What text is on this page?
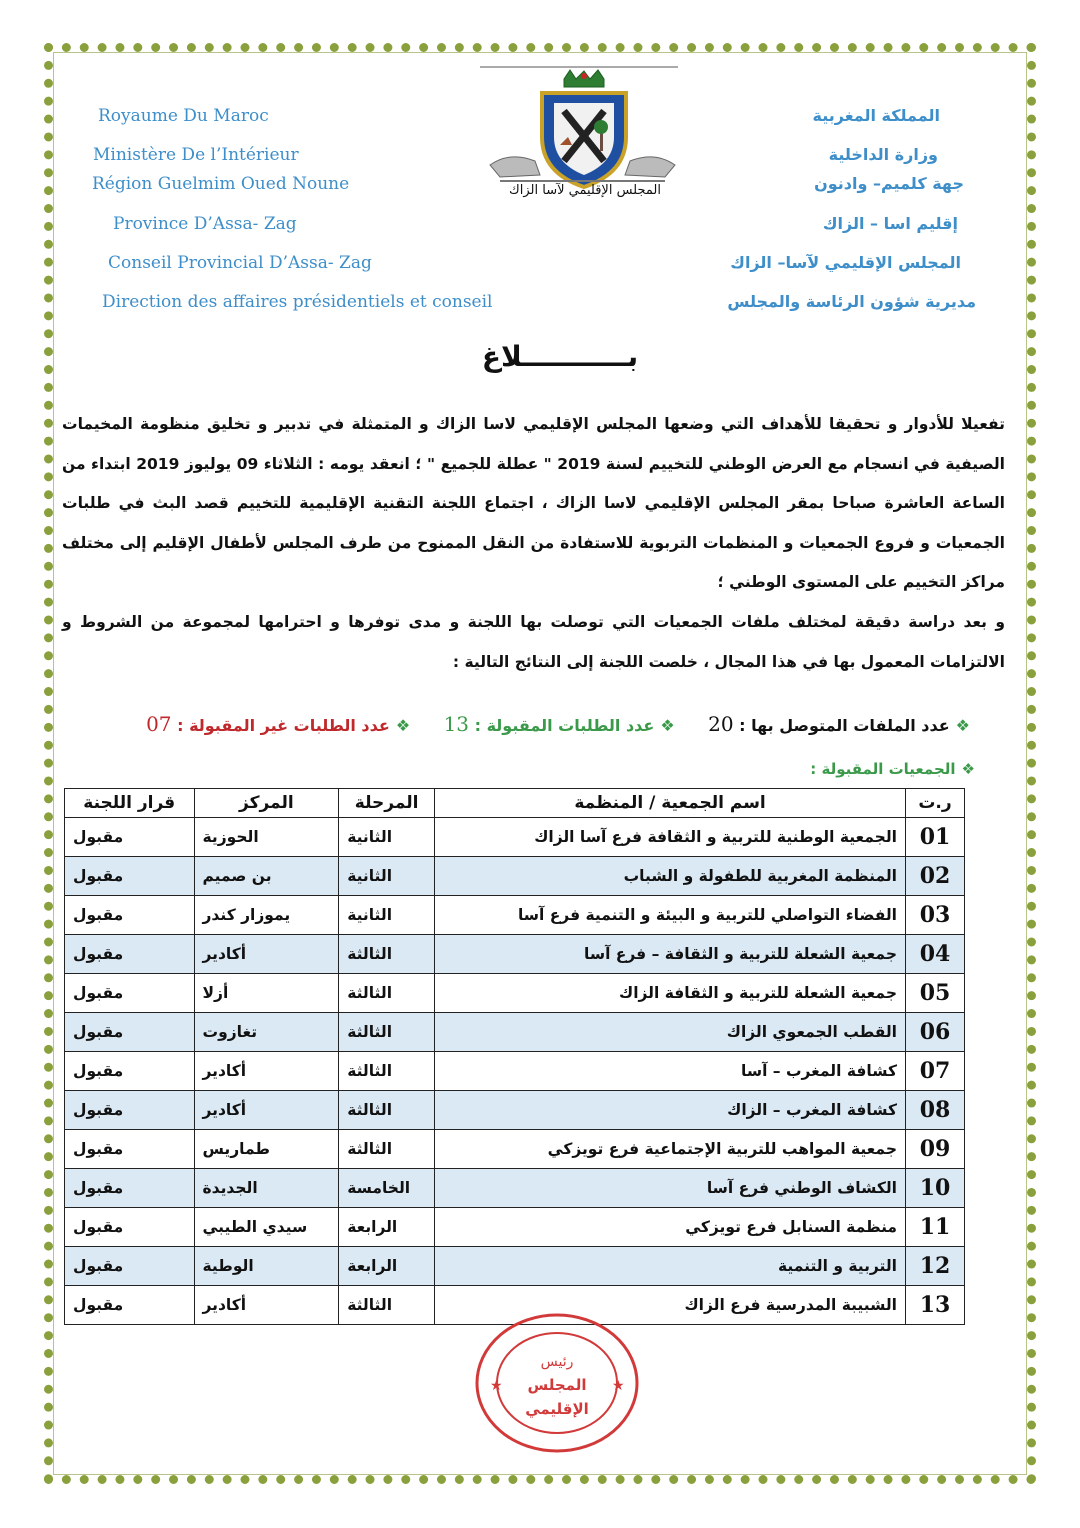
Royaume Du Maroc
Ministère De l’Intérieur
Région Guelmim Oued Noune
Province D’Assa- Zag
Conseil Provincial D’Assa- Zag
Direction des affaires présidentiels et conseil
المملكة المغربية
وزارة الداخلية
جهة كلميم– وادنون
إقليم اسا – الزاك
المجلس الإقليمي لآسا– الزاك
مديرية شؤون الرئاسة والمجلس
المجلس الإقليمي لآسا الزاك
بـــــــــــلاغ
تفعيلا للأدوار و تحقيقا للأهداف التي وضعها المجلس الإقليمي لاسا الزاك و المتمثلة في تدبير و تخليق منظومة المخيمات الصيفية في انسجام مع العرض الوطني للتخييم لسنة 2019 " عطلة للجميع " ؛ انعقد يومه : الثلاثاء 09 يوليوز 2019 ابتداء من الساعة العاشرة صباحا بمقر المجلس الإقليمي لاسا الزاك ، اجتماع اللجنة التقنية الإقليمية للتخييم قصد البث في طلبات الجمعيات و فروع الجمعيات و المنظمات التربوية للاستفادة من النقل الممنوح من طرف المجلس لأطفال الإقليم إلى مختلف مراكز التخييم على المستوى الوطني ؛
و بعد دراسة دقيقة لمختلف ملفات الجمعيات التي توصلت بها اللجنة و مدى توفرها و احترامها لمجموعة من الشروط و الالتزامات المعمول بها في هذا المجال ، خلصت اللجنة إلى النتائج التالية :
❖عدد الملفات المتوصل بها : 20      ❖عدد الطلبات المقبولة : 13      ❖عدد الطلبات غير المقبولة : 07
❖الجمعيات المقبولة :
ر.ت	اسم الجمعية / المنظمة	المرحلة	المركز	قرار اللجنة
01	الجمعية الوطنية للتربية و الثقافة فرع آسا الزاك	الثانية	الحوزية	مقبول
02	المنظمة المغربية للطفولة و الشباب	الثانية	بن صميم	مقبول
03	الفضاء التواصلي للتربية و البيئة و التنمية فرع آسا	الثانية	يموزار كندر	مقبول
04	جمعية الشعلة للتربية و الثقافة – فرع آسا	الثالثة	أكادير	مقبول
05	جمعية الشعلة للتربية و الثقافة الزاك	الثالثة	أزلا	مقبول
06	القطب الجمعوي الزاك	الثالثة	تغازوت	مقبول
07	كشافة المغرب – آسا	الثالثة	أكادير	مقبول
08	كشافة المغرب – الزاك	الثالثة	أكادير	مقبول
09	جمعية المواهب للتربية الإجتماعية فرع تويزكي	الثالثة	طماريس	مقبول
10	الكشاف الوطني فرع آسا	الخامسة	الجديدة	مقبول
11	منظمة السنابل فرع تويزكي	الرابعة	سيدي الطيبي	مقبول
12	التربية و التنمية	الرابعة	الوطية	مقبول
13	الشبيبة المدرسية فرع الزاك	الثالثة	أكادير	مقبول
★	★
رئيس
المجلس
الإقليمي
